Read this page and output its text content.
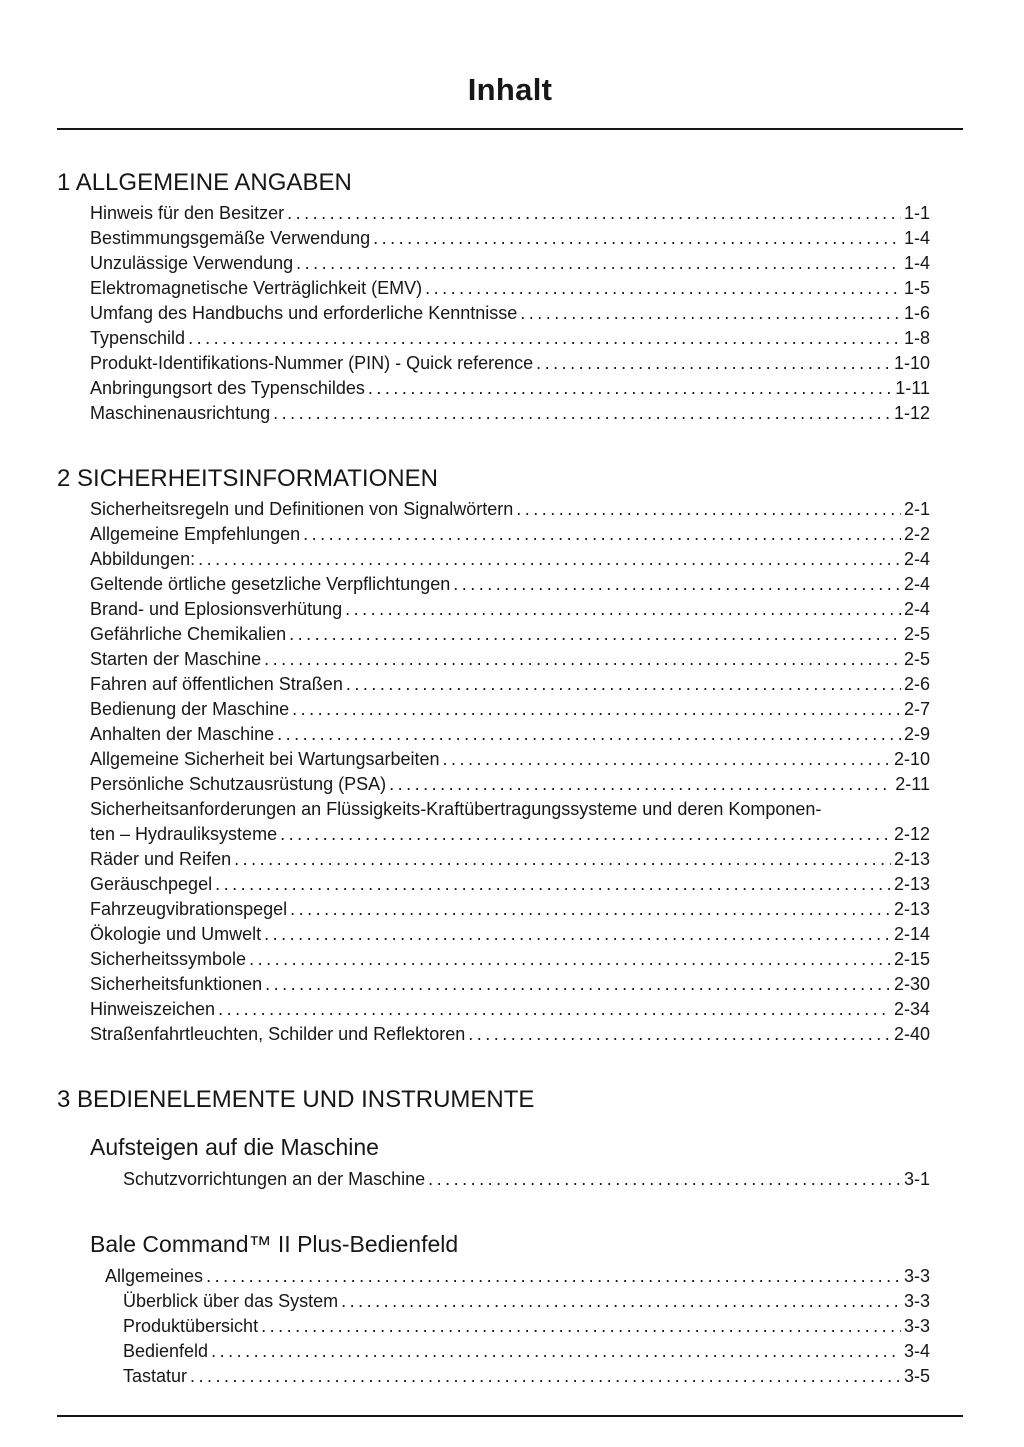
Inhalt
1 ALLGEMEINE ANGABEN
Hinweis für den Besitzer .....	1-1
Bestimmungsgemäße Verwendung .....	1-4
Unzulässige Verwendung .....	1-4
Elektromagnetische Verträglichkeit (EMV) .....	1-5
Umfang des Handbuchs und erforderliche Kenntnisse .....	1-6
Typenschild .....	1-8
Produkt-Identifikations-Nummer (PIN) - Quick reference .....	1-10
Anbringungsort des Typenschildes .....	1-11
Maschinenausrichtung .....	1-12
2 SICHERHEITSINFORMATIONEN
Sicherheitsregeln und Definitionen von Signalwörtern .....	2-1
Allgemeine Empfehlungen .....	2-2
Abbildungen: .....	2-4
Geltende örtliche gesetzliche Verpflichtungen .....	2-4
Brand- und Eplosionsverhütung .....	2-4
Gefährliche Chemikalien .....	2-5
Starten der Maschine .....	2-5
Fahren auf öffentlichen Straßen .....	2-6
Bedienung der Maschine .....	2-7
Anhalten der Maschine .....	2-9
Allgemeine Sicherheit bei Wartungsarbeiten .....	2-10
Persönliche Schutzausrüstung (PSA) .....	2-11
Sicherheitsanforderungen an Flüssigkeits-Kraftübertragungssysteme und deren Komponen-
ten – Hydrauliksysteme .....	2-12
Räder und Reifen .....	2-13
Geräuschpegel .....	2-13
Fahrzeugvibrationspegel .....	2-13
Ökologie und Umwelt .....	2-14
Sicherheitssymbole .....	2-15
Sicherheitsfunktionen .....	2-30
Hinweiszeichen .....	2-34
Straßenfahrtleuchten, Schilder und Reflektoren .....	2-40
3 BEDIENELEMENTE UND INSTRUMENTE
Aufsteigen auf die Maschine
Schutzvorrichtungen an der Maschine .....	3-1
Bale Command™ II Plus-Bedienfeld
Allgemeines .....	3-3
Überblick über das System .....	3-3
Produktübersicht .....	3-3
Bedienfeld .....	3-4
Tastatur .....	3-5
